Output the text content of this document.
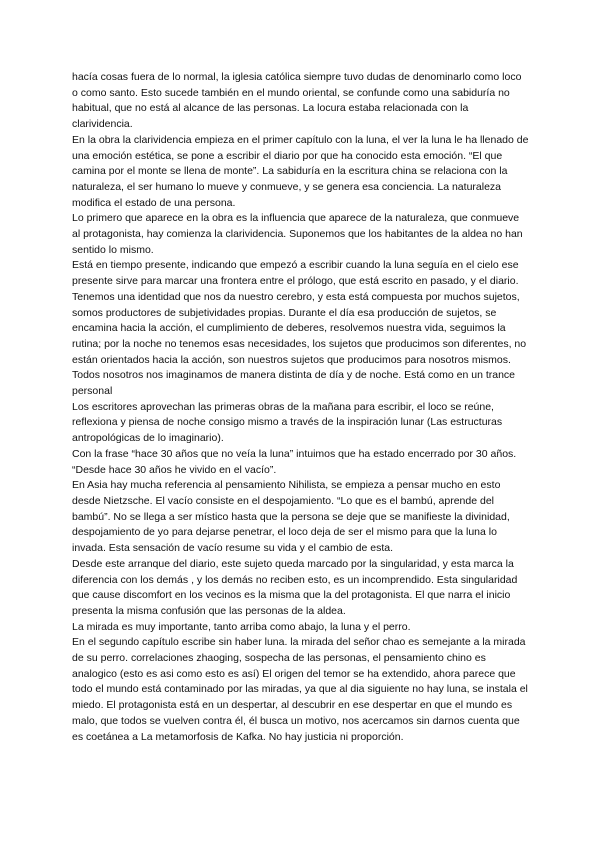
hacía cosas fuera de lo normal, la iglesia católica siempre tuvo dudas de denominarlo como loco o como santo. Esto sucede también en el mundo oriental, se confunde como una sabiduría no habitual, que no está al alcance de las personas. La locura estaba relacionada con la clarividencia.

En la obra la clarividencia empieza en el primer capítulo con la luna, el ver la luna le ha llenado de una emoción estética, se pone a escribir el diario por que ha conocido esta emoción. “El que camina por el monte se llena de monte”. La sabiduría en la escritura china se relaciona con la naturaleza, el ser humano lo mueve y conmueve, y se genera esa conciencia. La naturaleza modifica el estado de una persona.

Lo primero que aparece en la obra es la influencia que aparece de la naturaleza, que conmueve al protagonista, hay comienza la clarividencia. Suponemos que los habitantes de la aldea no han sentido lo mismo.

Está en tiempo presente, indicando que empezó a escribir cuando la luna seguía en el cielo ese presente sirve para marcar una frontera entre el prólogo, que está escrito en pasado, y el diario.

Tenemos una identidad que nos da nuestro cerebro, y esta está compuesta por muchos sujetos, somos productores de subjetividades propias. Durante el día esa producción de sujetos, se encamina hacia la acción, el cumplimiento de deberes, resolvemos nuestra vida, seguimos la rutina; por la noche no tenemos esas necesidades, los sujetos que producimos son diferentes, no están orientados hacia la acción, son nuestros sujetos que producimos para nosotros mismos. Todos nosotros nos imaginamos de manera distinta de día y de noche. Está como en un trance personal

Los escritores aprovechan las primeras obras de la mañana para escribir, el loco se reúne, reflexiona y piensa de noche consigo mismo a través de la inspiración lunar (Las estructuras antropológicas de lo imaginario).

Con la frase “hace 30 años que no veía la luna” intuimos que ha estado encerrado por 30 años. “Desde hace 30 años he vivido en el vacío”.

En Asia hay mucha referencia al pensamiento Nihilista, se empieza a pensar mucho en esto desde Nietzsche. El vacío consiste en el despojamiento. “Lo que es el bambú, aprende del bambú”. No se llega a ser místico hasta que la persona se deje que se manifieste la divinidad, despojamiento de yo para dejarse penetrar, el loco deja de ser el mismo para que la luna lo invada. Esta sensación de vacío resume su vida y el cambio de esta.

Desde este arranque del diario, este sujeto queda marcado por la singularidad, y esta marca la diferencia con los demás , y los demás no reciben esto, es un incomprendido. Esta singularidad que cause discomfort en los vecinos es la misma que la del protagonista. El que narra el inicio presenta la misma confusión que las personas de la aldea.

La mirada es muy importante, tanto arriba como abajo, la luna y el perro.

En el segundo capítulo escribe sin haber luna. la mirada del señor chao es semejante a la mirada de su perro. correlaciones zhaoging, sospecha de las personas, el pensamiento chino es analogico (esto es asi como esto es así) El origen del temor se ha extendido, ahora parece que todo el mundo está contaminado por las miradas, ya que al dia siguiente no hay luna, se instala el miedo. El protagonista está en un despertar, al descubrir en ese despertar en que el mundo es malo, que todos se vuelven contra él, él busca un motivo, nos acercamos sin darnos cuenta que es coetánea a La metamorfosis de Kafka. No hay justicia ni proporción.
